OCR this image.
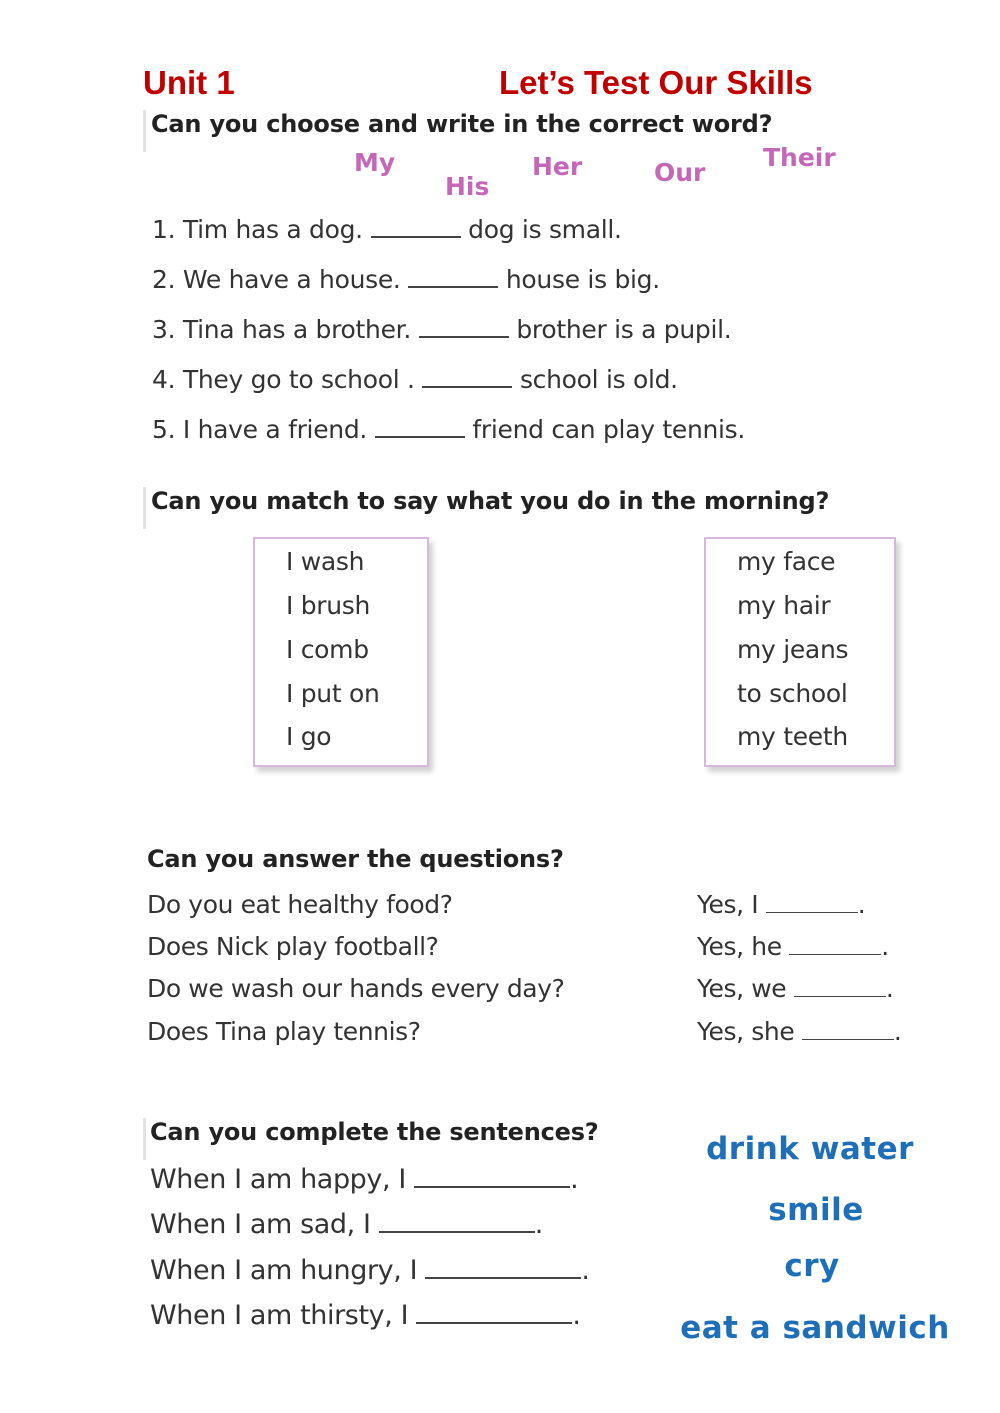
Unit 1	Let’s Test Our Skills
Can you choose and write in the correct word?
My
His
Her	Our
Their
1. Tim has a dog.	dog is small.
2. We have a house.	house is big.
3. Tina has a brother.	brother is a pupil.
4. They go to school .	school is old.
5. I have a friend.	friend can play tennis.
Can you match to say what you do in the morning?
I wash
I brush
I comb
I put on
I go
my face
my hair
my jeans
to school
my teeth
Can you answer the questions?
Do you eat healthy food?	Yes, I	.
Does Nick play football?	Yes, he	.
Do we wash our hands every day?	Yes, we	.
Does Tina play tennis?	Yes, she	.
Can you complete the sentences?
When I am happy, I	.
When I am sad, I	.
When I am hungry, I	.
When I am thirsty, I	.
drink water
smile
cry
eat a sandwich
